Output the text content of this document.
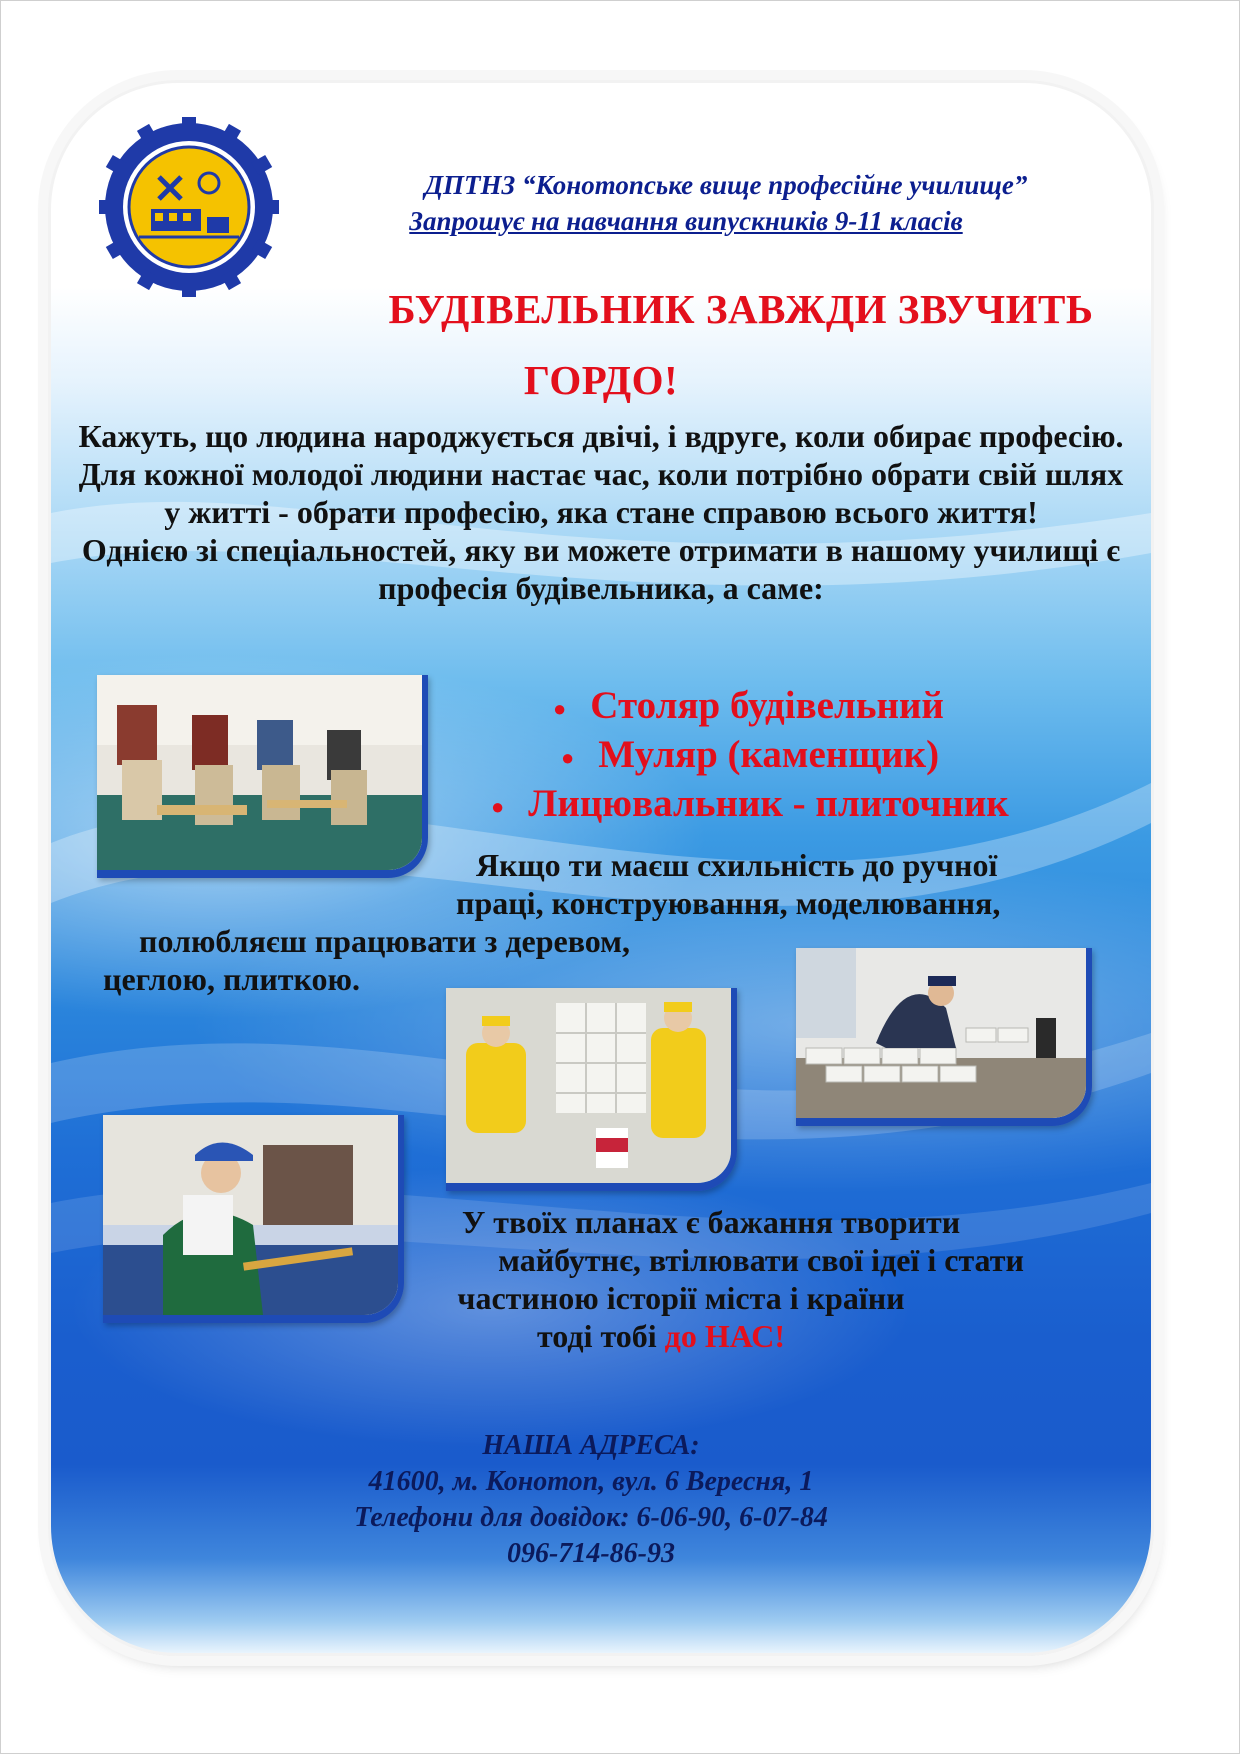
ДПТНЗ “Конотопське вище професійне училище”
Запрошує на навчання випускників 9-11 класів
БУДІВЕЛЬНИК ЗАВЖДИ ЗВУЧИТЬ
ГОРДО!

Кажуть, що людина народжується двічі, і вдруге, коли обирає професію. Для кожної молодої людини настає час, коли потрібно обрати свій шлях у житті - обрати професію, яка стане справою всього життя!

Однією зі спеціальностей, яку ви можете отримати в нашому училищі є професія будівельника, а саме:

● Столяр будівельний
● Муляр (каменщик)
● Лицювальник - плиточник
Якщо ти маєш схильність до ручної
праці, конструювання, моделювання,
полюбляєш працювати з деревом,
цеглою, плиткою.
У твоїх планах є бажання творити
майбутнє, втілювати свої ідеї і стати
частиною історії міста і країни
тоді тобі до НАС!
НАША АДРЕСА:
41600, м. Конотоп, вул. 6 Вересня, 1
Телефони для довідок: 6-06-90, 6-07-84
096-714-86-93
